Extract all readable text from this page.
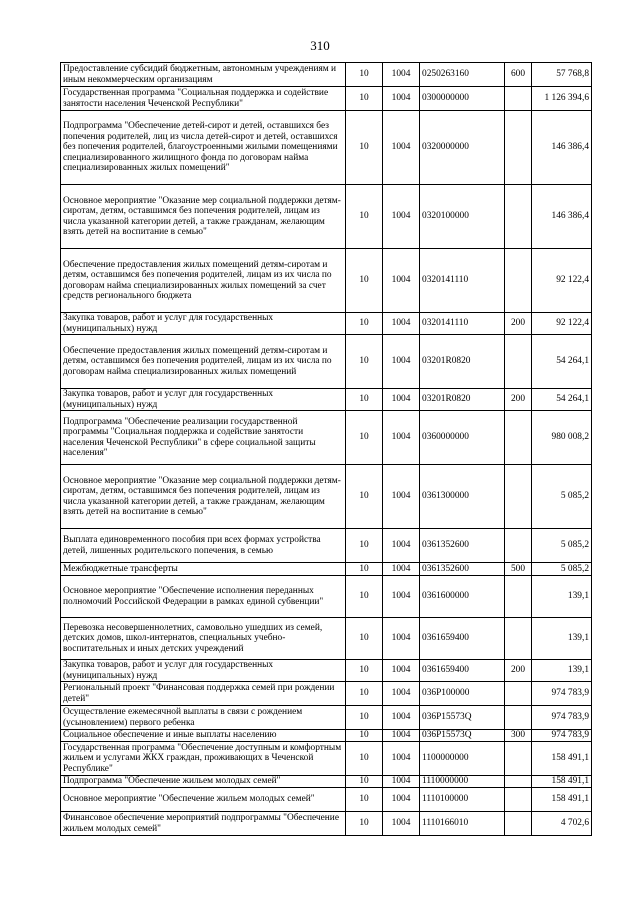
310
Предоставление субсидий бюджетным, автономным учреждениям и иным некоммерческим организациям	10	1004	0250263160	600	57 768,8
Государственная программа "Социальная поддержка и содействие занятости населения Чеченской Республики"	10	1004	0300000000		1 126 394,6
Подпрограмма "Обеспечение детей-сирот и детей, оставшихся без попечения родителей, лиц из числа детей-сирот и детей, оставшихся без попечения родителей, благоустроенными жилыми помещениями специализированного жилищного фонда по договорам найма специализированных жилых помещений"	10	1004	0320000000		146 386,4
Основное мероприятие "Оказание мер социальной поддержки детям-сиротам, детям, оставшимся без попечения родителей, лицам из числа указанной категории детей, а также гражданам, желающим взять детей на воспитание в семью"	10	1004	0320100000		146 386,4
Обеспечение предоставления жилых помещений детям-сиротам и детям, оставшимся без попечения родителей, лицам из их числа по договорам найма специализированных жилых помещений за счет средств регионального бюджета	10	1004	0320141110		92 122,4
Закупка товаров, работ и услуг для государственных (муниципальных) нужд	10	1004	0320141110	200	92 122,4
Обеспечение предоставления жилых помещений детям-сиротам и детям, оставшимся без попечения родителей, лицам из их числа по договорам найма специализированных жилых помещений	10	1004	03201R0820		54 264,1
Закупка товаров, работ и услуг для государственных (муниципальных) нужд	10	1004	03201R0820	200	54 264,1
Подпрограмма "Обеспечение реализации государственной программы "Социальная поддержка и содействие занятости населения Чеченской Республики" в сфере социальной защиты населения"	10	1004	0360000000		980 008,2
Основное мероприятие "Оказание мер социальной поддержки детям-сиротам, детям, оставшимся без попечения родителей, лицам из числа указанной категории детей, а также гражданам, желающим взять детей на воспитание в семью"	10	1004	0361300000		5 085,2
Выплата единовременного пособия при всех формах устройства детей, лишенных родительского попечения, в семью	10	1004	0361352600		5 085,2
Межбюджетные трансферты	10	1004	0361352600	500	5 085,2
Основное мероприятие "Обеспечение исполнения переданных полномочий Российской Федерации в рамках единой субвенции"	10	1004	0361600000		139,1
Перевозка несовершеннолетних, самовольно ушедших из семей, детских домов, школ-интернатов, специальных учебно-воспитательных и иных детских учреждений	10	1004	0361659400		139,1
Закупка товаров, работ и услуг для государственных (муниципальных) нужд	10	1004	0361659400	200	139,1
Региональный проект "Финансовая поддержка семей при рождении детей"	10	1004	036P100000		974 783,9
Осуществление ежемесячной выплаты в связи с рождением (усыновлением) первого ребенка	10	1004	036P15573Q		974 783,9
Социальное обеспечение и иные выплаты населению	10	1004	036P15573Q	300	974 783,9
Государственная программа "Обеспечение доступным и комфортным жильем и услугами ЖКХ граждан, проживающих в Чеченской Республике"	10	1004	1100000000		158 491,1
Подпрограмма "Обеспечение жильем молодых семей"	10	1004	1110000000		158 491,1
Основное мероприятие "Обеспечение жильем молодых семей"	10	1004	1110100000		158 491,1
Финансовое обеспечение мероприятий подпрограммы "Обеспечение жильем молодых семей"	10	1004	1110166010		4 702,6
